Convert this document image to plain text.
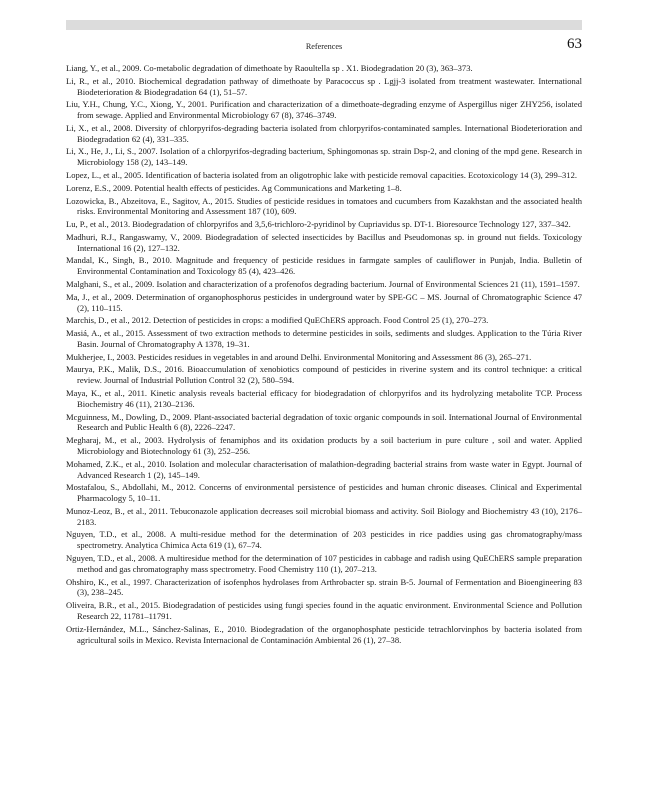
References	63
Liang, Y., et al., 2009. Co-metabolic degradation of dimethoate by Raoultella sp . X1. Biodegradation 20 (3), 363–373.
Li, R., et al., 2010. Biochemical degradation pathway of dimethoate by Paracoccus sp . Lgjj-3 isolated from treatment wastewater. International Biodeterioration & Biodegradation 64 (1), 51–57.
Liu, Y.H., Chung, Y.C., Xiong, Y., 2001. Purification and characterization of a dimethoate-degrading enzyme of Aspergillus niger ZHY256, isolated from sewage. Applied and Environmental Microbiology 67 (8), 3746–3749.
Li, X., et al., 2008. Diversity of chlorpyrifos-degrading bacteria isolated from chlorpyrifos-contaminated samples. International Biodeterioration and Biodegradation 62 (4), 331–335.
Li, X., He, J., Li, S., 2007. Isolation of a chlorpyrifos-degrading bacterium, Sphingomonas sp. strain Dsp-2, and cloning of the mpd gene. Research in Microbiology 158 (2), 143–149.
Lopez, L., et al., 2005. Identification of bacteria isolated from an oligotrophic lake with pesticide removal capacities. Ecotoxicology 14 (3), 299–312.
Lorenz, E.S., 2009. Potential health effects of pesticides. Ag Communications and Marketing 1–8.
Lozowicka, B., Abzeitova, E., Sagitov, A., 2015. Studies of pesticide residues in tomatoes and cucumbers from Kazakhstan and the associated health risks. Environmental Monitoring and Assessment 187 (10), 609.
Lu, P., et al., 2013. Biodegradation of chlorpyrifos and 3,5,6-trichloro-2-pyridinol by Cupriavidus sp. DT-1. Bioresource Technology 127, 337–342.
Madhuri, R.J., Rangaswamy, V., 2009. Biodegradation of selected insecticides by Bacillus and Pseudomonas sp. in ground nut fields. Toxicology International 16 (2), 127–132.
Mandal, K., Singh, B., 2010. Magnitude and frequency of pesticide residues in farmgate samples of cauliflower in Punjab, India. Bulletin of Environmental Contamination and Toxicology 85 (4), 423–426.
Malghani, S., et al., 2009. Isolation and characterization of a profenofos degrading bacterium. Journal of Environmental Sciences 21 (11), 1591–1597.
Ma, J., et al., 2009. Determination of organophosphorus pesticides in underground water by SPE-GC – MS. Journal of Chromatographic Science 47 (2), 110–115.
Marchis, D., et al., 2012. Detection of pesticides in crops: a modified QuEChERS approach. Food Control 25 (1), 270–273.
Masiá, A., et al., 2015. Assessment of two extraction methods to determine pesticides in soils, sediments and sludges. Application to the Túria River Basin. Journal of Chromatography A 1378, 19–31.
Mukherjee, I., 2003. Pesticides residues in vegetables in and around Delhi. Environmental Monitoring and Assessment 86 (3), 265–271.
Maurya, P.K., Malik, D.S., 2016. Bioaccumulation of xenobiotics compound of pesticides in riverine system and its control technique: a critical review. Journal of Industrial Pollution Control 32 (2), 580–594.
Maya, K., et al., 2011. Kinetic analysis reveals bacterial efficacy for biodegradation of chlorpyrifos and its hydrolyzing metabolite TCP. Process Biochemistry 46 (11), 2130–2136.
Mcguinness, M., Dowling, D., 2009. Plant-associated bacterial degradation of toxic organic compounds in soil. International Journal of Environmental Research and Public Health 6 (8), 2226–2247.
Megharaj, M., et al., 2003. Hydrolysis of fenamiphos and its oxidation products by a soil bacterium in pure culture , soil and water. Applied Microbiology and Biotechnology 61 (3), 252–256.
Mohamed, Z.K., et al., 2010. Isolation and molecular characterisation of malathion-degrading bacterial strains from waste water in Egypt. Journal of Advanced Research 1 (2), 145–149.
Mostafalou, S., Abdollahi, M., 2012. Concerns of environmental persistence of pesticides and human chronic diseases. Clinical and Experimental Pharmacology 5, 10–11.
Munoz-Leoz, B., et al., 2011. Tebuconazole application decreases soil microbial biomass and activity. Soil Biology and Biochemistry 43 (10), 2176–2183.
Nguyen, T.D., et al., 2008. A multi-residue method for the determination of 203 pesticides in rice paddies using gas chromatography/mass spectrometry. Analytica Chimica Acta 619 (1), 67–74.
Nguyen, T.D., et al., 2008. A multiresidue method for the determination of 107 pesticides in cabbage and radish using QuEChERS sample preparation method and gas chromatography mass spectrometry. Food Chemistry 110 (1), 207–213.
Ohshiro, K., et al., 1997. Characterization of isofenphos hydrolases from Arthrobacter sp. strain B-5. Journal of Fermentation and Bioengineering 83 (3), 238–245.
Oliveira, B.R., et al., 2015. Biodegradation of pesticides using fungi species found in the aquatic environment. Environmental Science and Pollution Research 22, 11781–11791.
Ortiz-Hernández, M.L., Sánchez-Salinas, E., 2010. Biodegradation of the organophosphate pesticide tetrachlorvinphos by bacteria isolated from agricultural soils in Mexico. Revista Internacional de Contaminación Ambiental 26 (1), 27–38.
